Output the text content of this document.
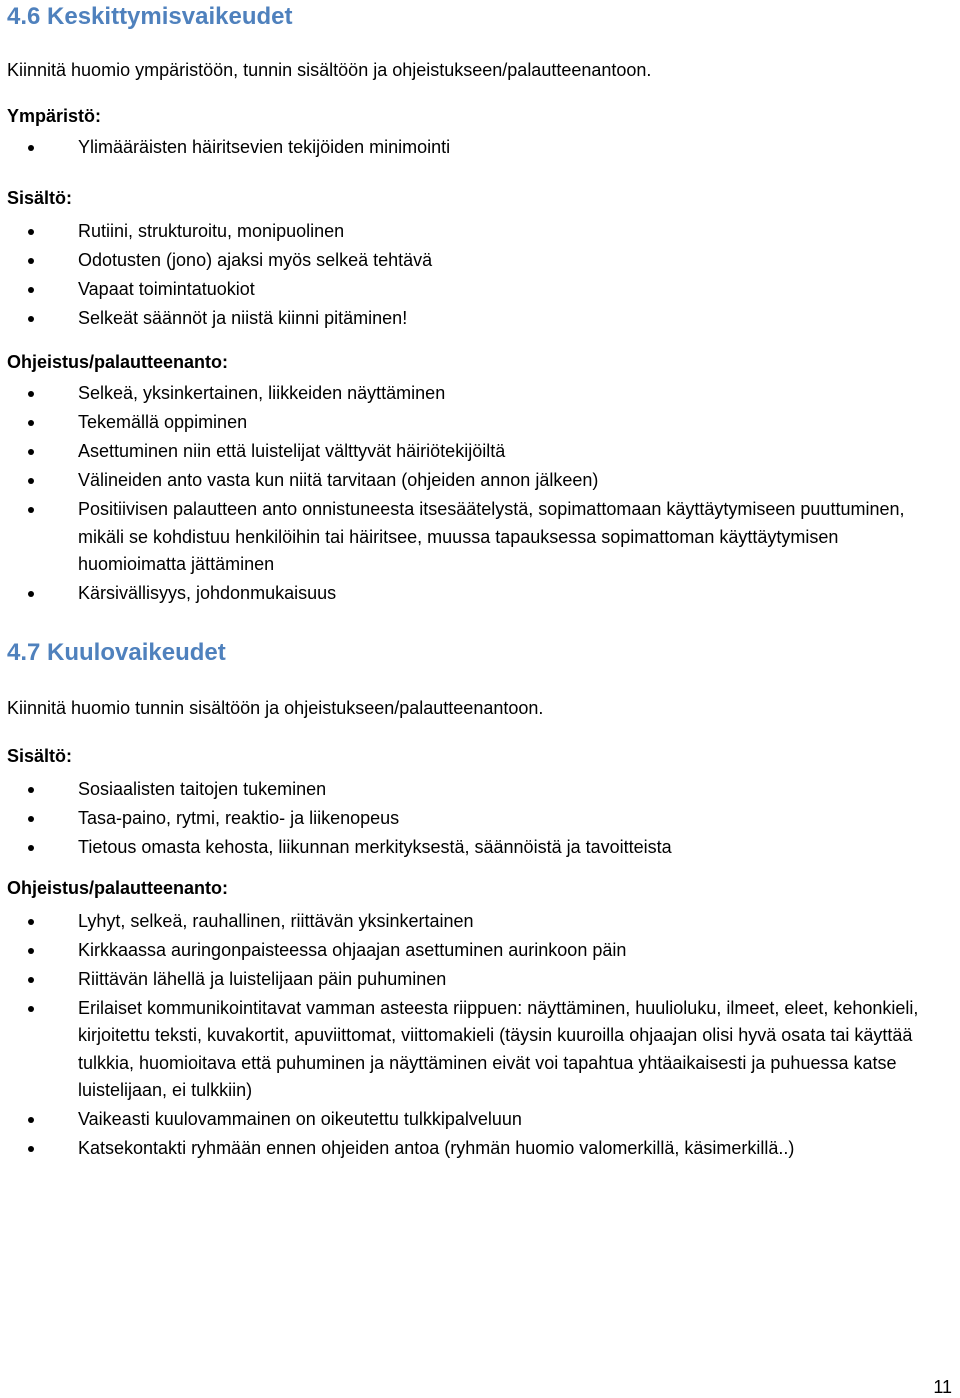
4.6 Keskittymisvaikeudet

Kiinnitä huomio ympäristöön, tunnin sisältöön ja ohjeistukseen/palautteenantoon.

Ympäristö:

Ylimääräisten häiritsevien tekijöiden minimointi

Sisältö:

Rutiini, strukturoitu, monipuolinen
Odotusten (jono) ajaksi myös selkeä tehtävä
Vapaat toimintatuokiot
Selkeät säännöt ja niistä kiinni pitäminen!

Ohjeistus/palautteenanto:

Selkeä, yksinkertainen, liikkeiden näyttäminen
Tekemällä oppiminen
Asettuminen niin että luistelijat välttyvät häiriötekijöiltä
Välineiden anto vasta kun niitä tarvitaan (ohjeiden annon jälkeen)
Positiivisen palautteen anto onnistuneesta itsesäätelystä, sopimattomaan käyttäytymiseen puuttuminen, mikäli se kohdistuu henkilöihin tai häiritsee, muussa tapauksessa sopimattoman käyttäytymisen huomioimatta jättäminen
Kärsivällisyys, johdonmukaisuus
4.7 Kuulovaikeudet

Kiinnitä huomio tunnin sisältöön ja ohjeistukseen/palautteenantoon.

Sisältö:

Sosiaalisten taitojen tukeminen
Tasa-paino, rytmi, reaktio- ja liikenopeus
Tietous omasta kehosta, liikunnan merkityksestä, säännöistä ja tavoitteista

Ohjeistus/palautteenanto:

Lyhyt, selkeä, rauhallinen, riittävän yksinkertainen
Kirkkaassa auringonpaisteessa ohjaajan asettuminen aurinkoon päin
Riittävän lähellä ja luistelijaan päin puhuminen
Erilaiset kommunikointitavat vamman asteesta riippuen: näyttäminen, huulioluku, ilmeet, eleet, kehonkieli, kirjoitettu teksti, kuvakortit, apuviittomat, viittomakieli (täysin kuuroilla ohjaajan olisi hyvä osata tai käyttää tulkkia, huomioitava että puhuminen ja näyttäminen eivät voi tapahtua yhtäaikaisesti ja puhuessa katse luistelijaan, ei tulkkiin)
Vaikeasti kuulovammainen on oikeutettu tulkkipalveluun
Katsekontakti ryhmään ennen ohjeiden antoa (ryhmän huomio valomerkillä, käsimerkillä..)
11
